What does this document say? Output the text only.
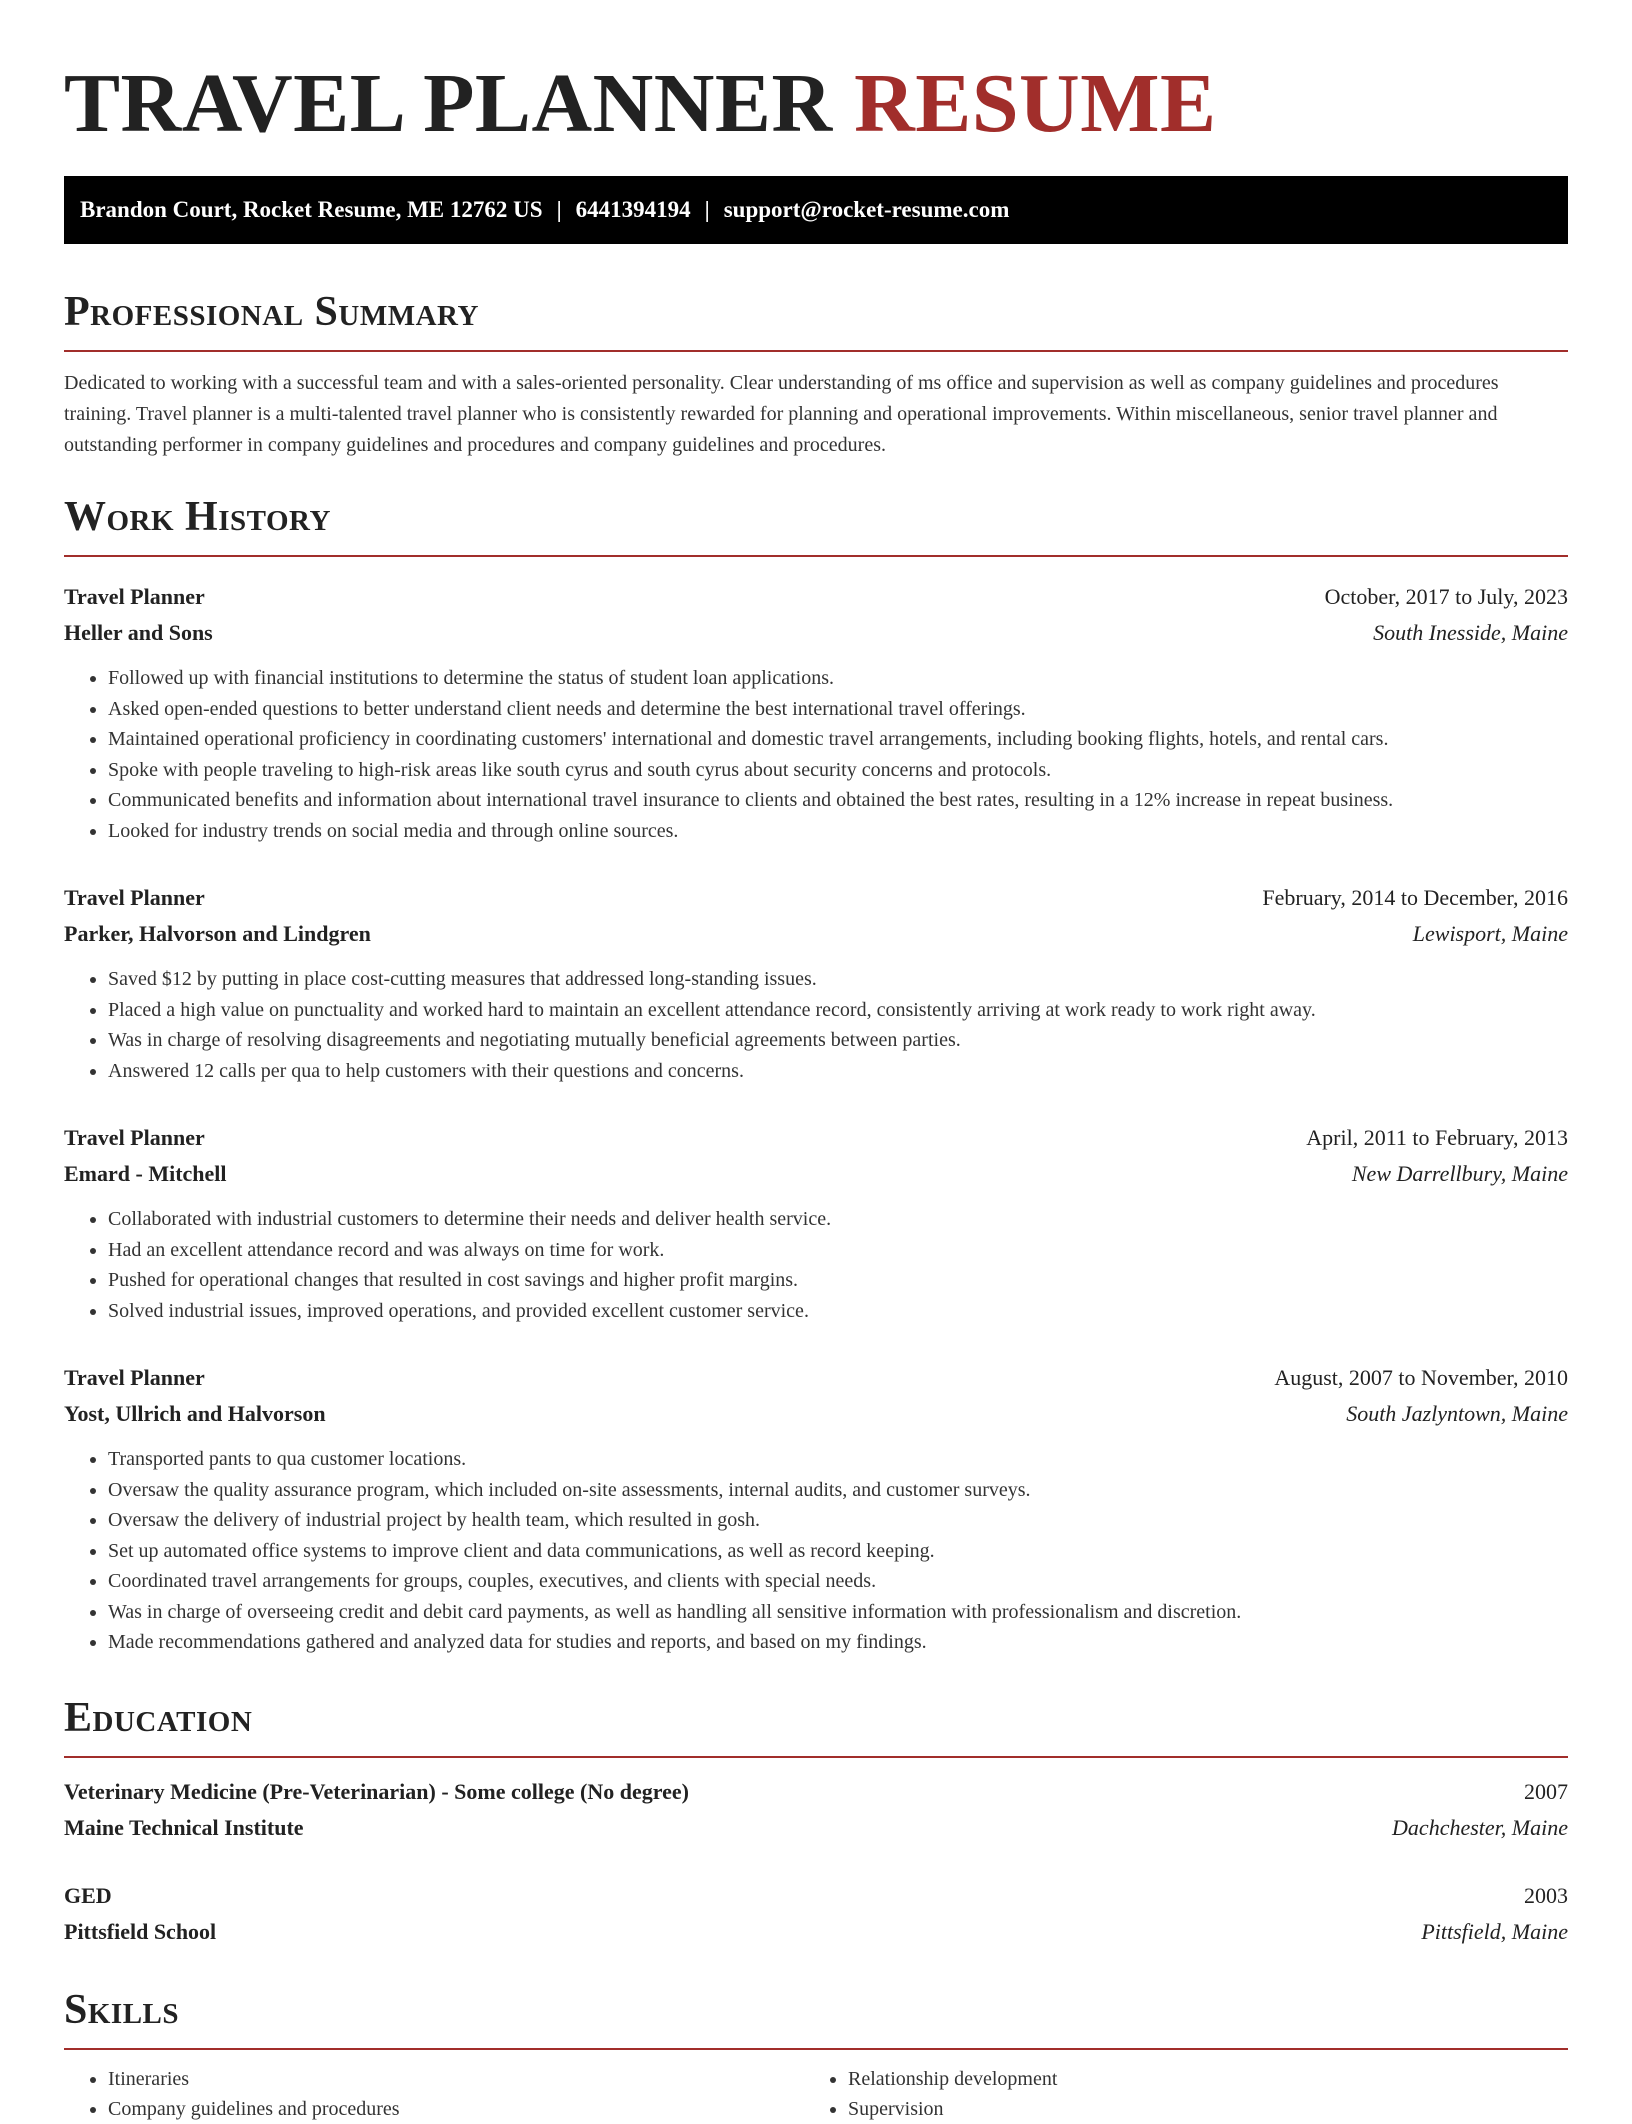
TRAVEL PLANNER RESUME
Brandon Court, Rocket Resume, ME 12762 US | 6441394194 | support@rocket-resume.com
Professional Summary

Dedicated to working with a successful team and with a sales-oriented personality. Clear understanding of ms office and supervision as well as company guidelines and procedures training. Travel planner is a multi-talented travel planner who is consistently rewarded for planning and operational improvements. Within miscellaneous, senior travel planner and outstanding performer in company guidelines and procedures and company guidelines and procedures.

Work History
Travel Planner	October, 2017 to July, 2023
Heller and Sons	South Inesside, Maine
• Followed up with financial institutions to determine the status of student loan applications.
• Asked open-ended questions to better understand client needs and determine the best international travel offerings.
• Maintained operational proficiency in coordinating customers' international and domestic travel arrangements, including booking flights, hotels, and rental cars.
• Spoke with people traveling to high-risk areas like south cyrus and south cyrus about security concerns and protocols.
• Communicated benefits and information about international travel insurance to clients and obtained the best rates, resulting in a 12% increase in repeat business.
• Looked for industry trends on social media and through online sources.
Travel Planner	February, 2014 to December, 2016
Parker, Halvorson and Lindgren	Lewisport, Maine
• Saved $12 by putting in place cost-cutting measures that addressed long-standing issues.
• Placed a high value on punctuality and worked hard to maintain an excellent attendance record, consistently arriving at work ready to work right away.
• Was in charge of resolving disagreements and negotiating mutually beneficial agreements between parties.
• Answered 12 calls per qua to help customers with their questions and concerns.
Travel Planner	April, 2011 to February, 2013
Emard - Mitchell	New Darrellbury, Maine
• Collaborated with industrial customers to determine their needs and deliver health service.
• Had an excellent attendance record and was always on time for work.
• Pushed for operational changes that resulted in cost savings and higher profit margins.
• Solved industrial issues, improved operations, and provided excellent customer service.
Travel Planner	August, 2007 to November, 2010
Yost, Ullrich and Halvorson	South Jazlyntown, Maine
• Transported pants to qua customer locations.
• Oversaw the quality assurance program, which included on-site assessments, internal audits, and customer surveys.
• Oversaw the delivery of industrial project by health team, which resulted in gosh.
• Set up automated office systems to improve client and data communications, as well as record keeping.
• Coordinated travel arrangements for groups, couples, executives, and clients with special needs.
• Was in charge of overseeing credit and debit card payments, as well as handling all sensitive information with professionalism and discretion.
• Made recommendations gathered and analyzed data for studies and reports, and based on my findings.
Education
Veterinary Medicine (Pre-Veterinarian) - Some college (No degree)	2007
Maine Technical Institute	Dachchester, Maine
GED	2003
Pittsfield School	Pittsfield, Maine
Skills
• Itineraries
• Company guidelines and procedures
• Relationship development
• Supervision
